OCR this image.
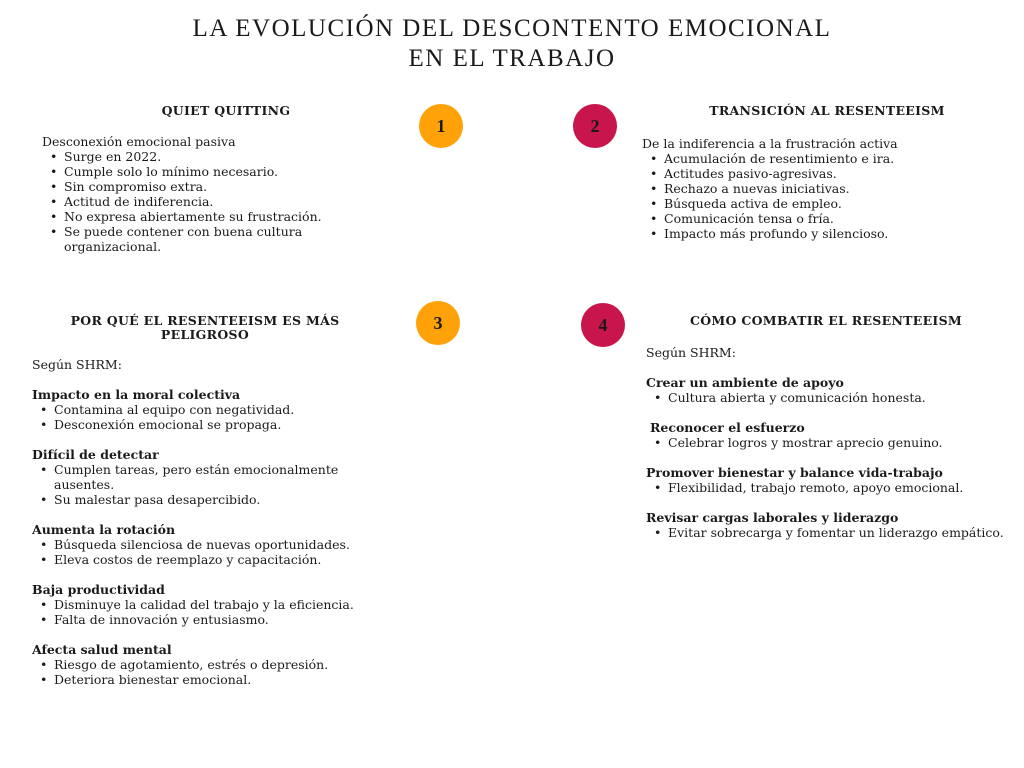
LA EVOLUCIÓN DEL DESCONTENTO EMOCIONAL
EN EL TRABAJO
1	2
3	4
QUIET QUITTING

Desconexión emocional pasiva

• Surge en 2022.
• Cumple solo lo mínimo necesario.
• Sin compromiso extra.
• Actitud de indiferencia.
• No expresa abiertamente su frustración.
• Se puede contener con buena cultura organizacional.
TRANSICIÓN AL RESENTEEISM

De la indiferencia a la frustración activa

• Acumulación de resentimiento e ira.
• Actitudes pasivo-agresivas.
• Rechazo a nuevas iniciativas.
• Búsqueda activa de empleo.
• Comunicación tensa o fría.
• Impacto más profundo y silencioso.
POR QUÉ EL RESENTEEISM ES MÁS PELIGROSO

Según SHRM:

Impacto en la moral colectiva

• Contamina al equipo con negatividad.
• Desconexión emocional se propaga.

Difícil de detectar

• Cumplen tareas, pero están emocionalmente ausentes.
• Su malestar pasa desapercibido.

Aumenta la rotación

• Búsqueda silenciosa de nuevas oportunidades.
• Eleva costos de reemplazo y capacitación.

Baja productividad

• Disminuye la calidad del trabajo y la eficiencia.
• Falta de innovación y entusiasmo.

Afecta salud mental

• Riesgo de agotamiento, estrés o depresión.
• Deteriora bienestar emocional.
CÓMO COMBATIR EL RESENTEEISM

Según SHRM:

Crear un ambiente de apoyo

• Cultura abierta y comunicación honesta.

Reconocer el esfuerzo

• Celebrar logros y mostrar aprecio genuino.

Promover bienestar y balance vida-trabajo

• Flexibilidad, trabajo remoto, apoyo emocional.

Revisar cargas laborales y liderazgo

• Evitar sobrecarga y fomentar un liderazgo empático.
